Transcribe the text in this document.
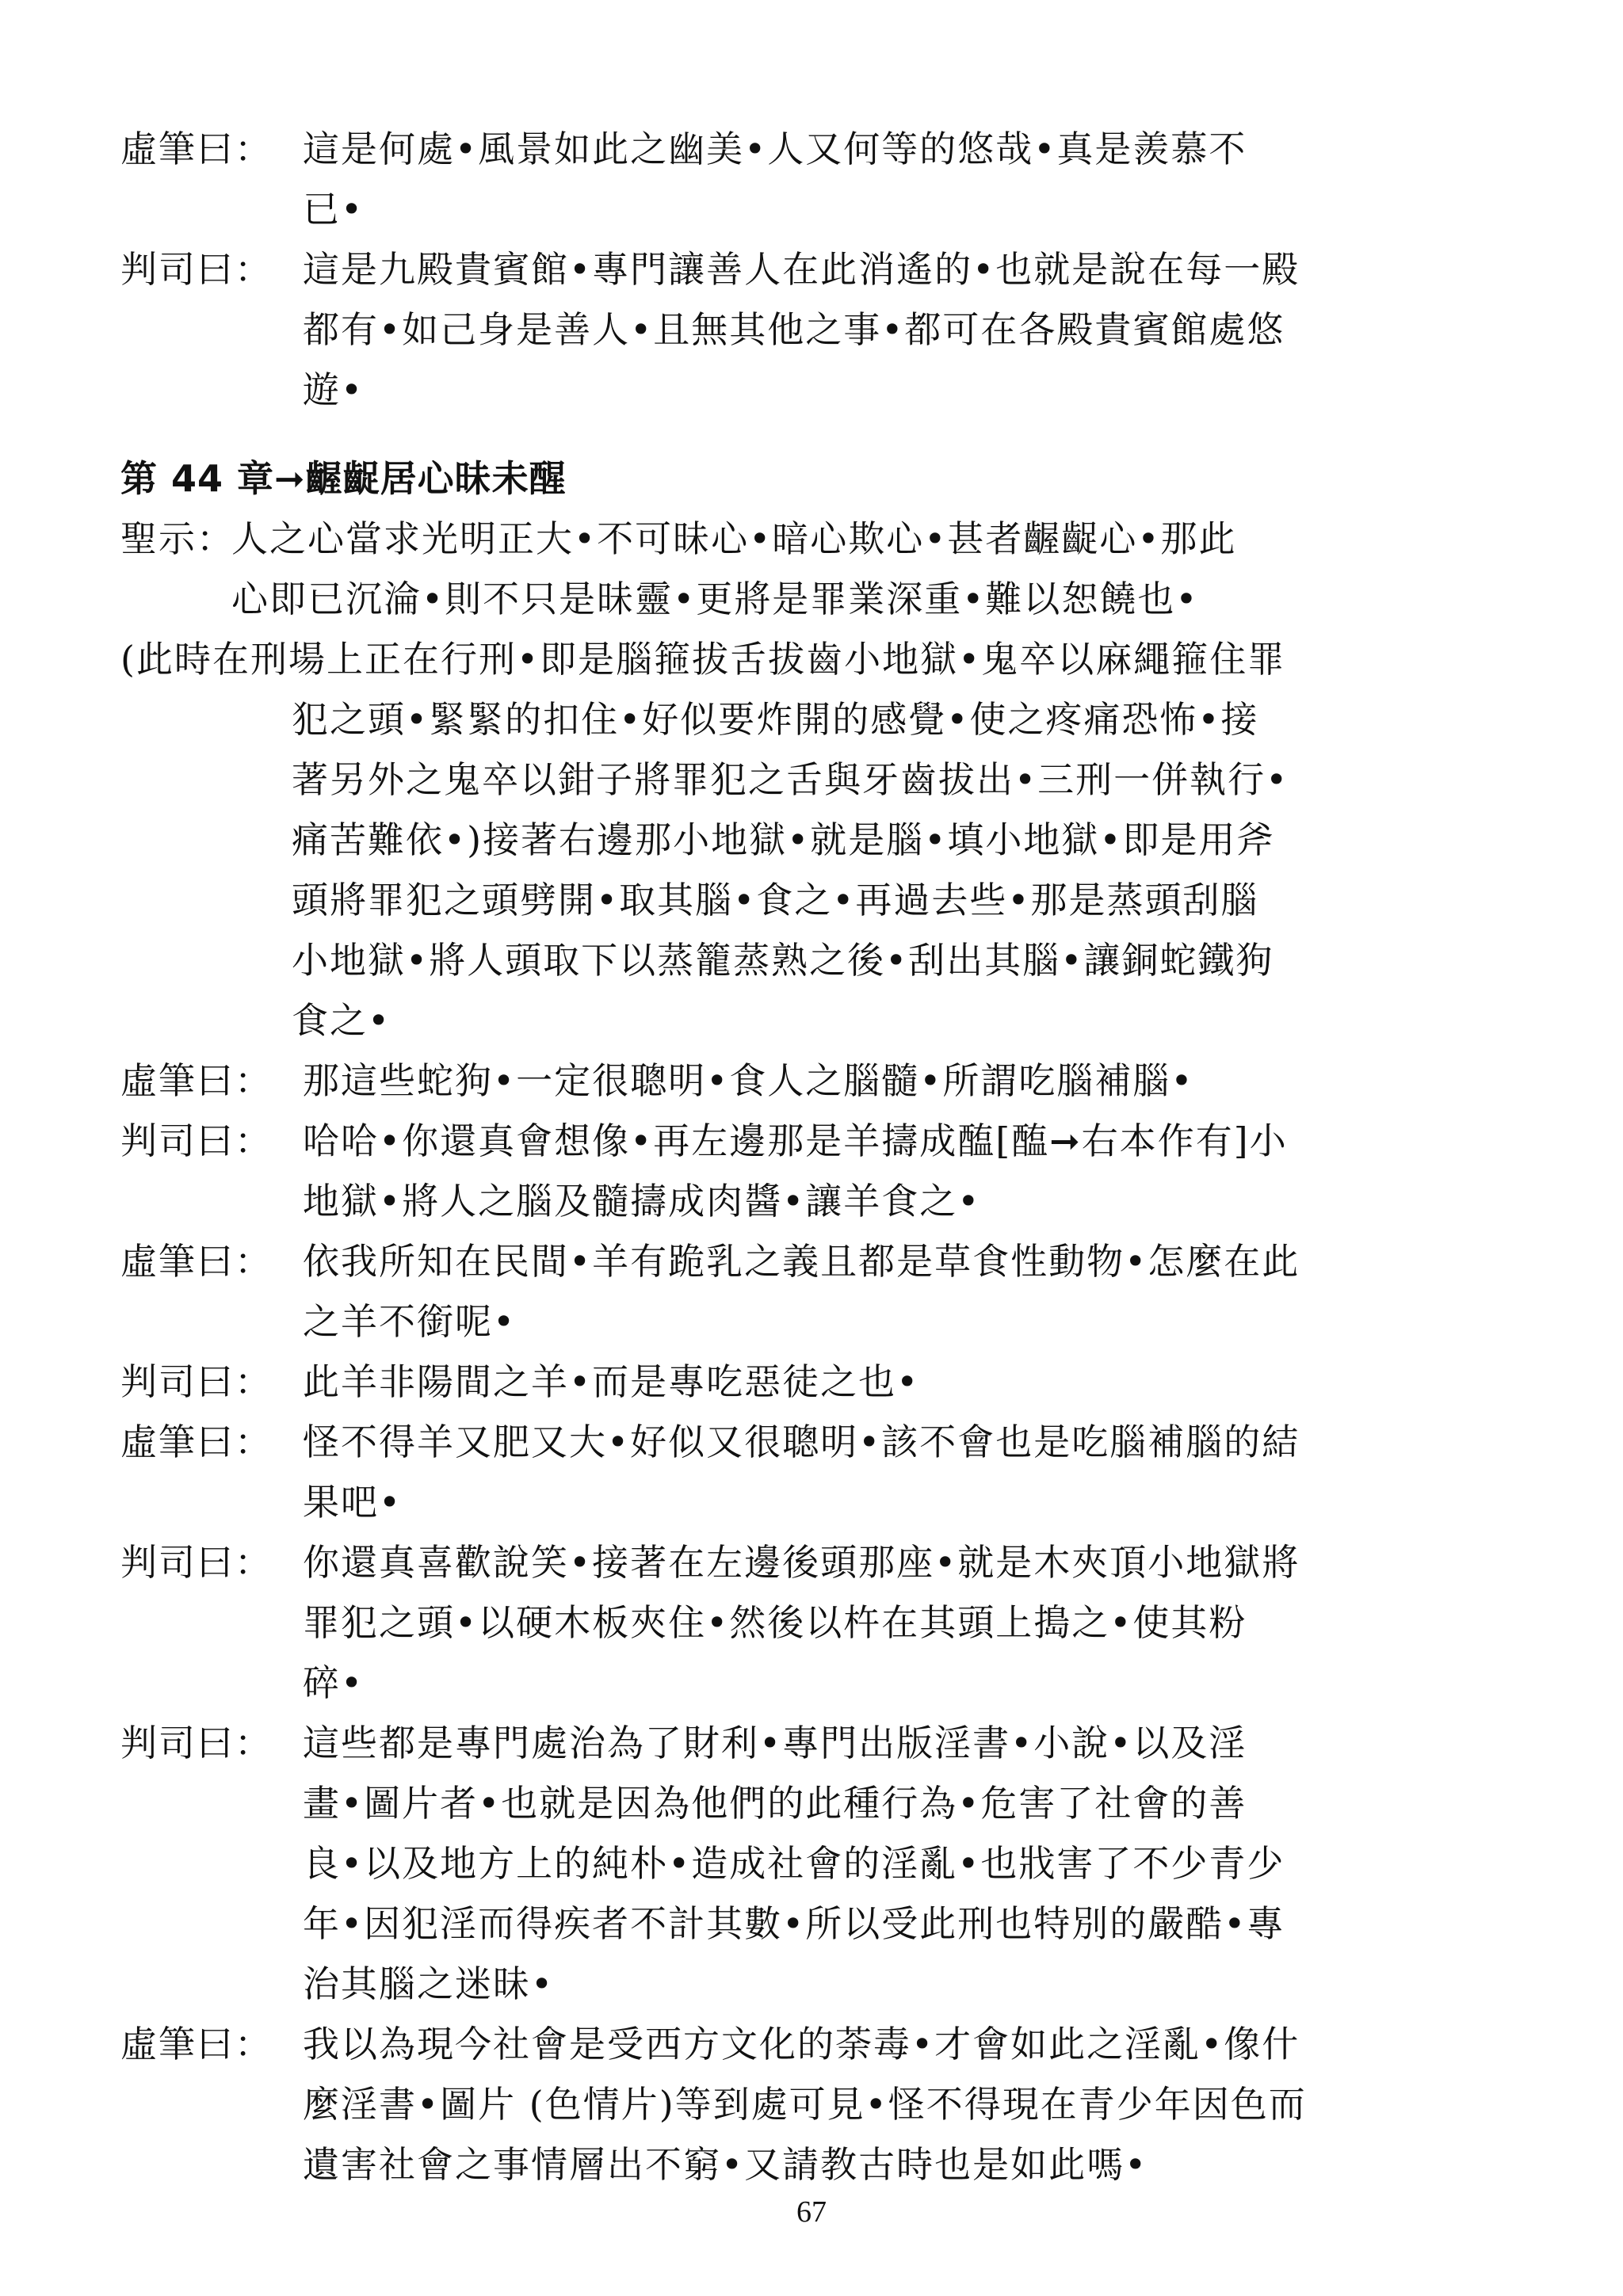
虛筆曰： 這是何處•風景如此之幽美•人又何等的悠哉•真是羨慕不
已•
判司曰： 這是九殿貴賓館•專門讓善人在此消遙的•也就是說在每一殿
都有•如己身是善人•且無其他之事•都可在各殿貴賓館處悠
遊•
第 44 章➞齷齪居心昧未醒
聖示：
人之心當求光明正大•不可昧心•暗心欺心•甚者齷齪心•那此
心即已沉淪•則不只是昧靈•更將是罪業深重•難以恕饒也•
(此時在刑場上正在行刑•即是腦箍拔舌拔齒小地獄•鬼卒以麻繩箍住罪
犯之頭•緊緊的扣住•好似要炸開的感覺•使之疼痛恐怖•接
著另外之鬼卒以鉗子將罪犯之舌與牙齒拔出•三刑一併執行•
痛苦難依•)接著右邊那小地獄•就是腦•填小地獄•即是用斧
頭將罪犯之頭劈開•取其腦•食之•再過去些•那是蒸頭刮腦
小地獄•將人頭取下以蒸籠蒸熟之後•刮出其腦•讓銅蛇鐵狗
食之•
虛筆曰： 那這些蛇狗•一定很聰明•食人之腦髓•所謂吃腦補腦•
判司曰： 哈哈•你還真會想像•再左邊那是羊擣成醢[醢➞右本作有]小
地獄•將人之腦及髓擣成肉醬•讓羊食之•
虛筆曰： 依我所知在民間•羊有跪乳之義且都是草食性動物•怎麼在此
之羊不銜呢•
判司曰： 此羊非陽間之羊•而是專吃惡徒之也•
虛筆曰： 怪不得羊又肥又大•好似又很聰明•該不會也是吃腦補腦的結
果吧•
判司曰： 你還真喜歡說笑•接著在左邊後頭那座•就是木夾頂小地獄將
罪犯之頭•以硬木板夾住•然後以杵在其頭上搗之•使其粉
碎•
判司曰： 這些都是專門處治為了財利•專門出版淫書•小說•以及淫
畫•圖片者•也就是因為他們的此種行為•危害了社會的善
良•以及地方上的純朴•造成社會的淫亂•也戕害了不少青少
年•因犯淫而得疾者不計其數•所以受此刑也特別的嚴酷•專
治其腦之迷昧•
虛筆曰： 我以為現今社會是受西方文化的荼毒•才會如此之淫亂•像什
麼淫書•圖片 (色情片)等到處可見•怪不得現在青少年因色而
遺害社會之事情層出不窮•又請教古時也是如此嗎•
67
